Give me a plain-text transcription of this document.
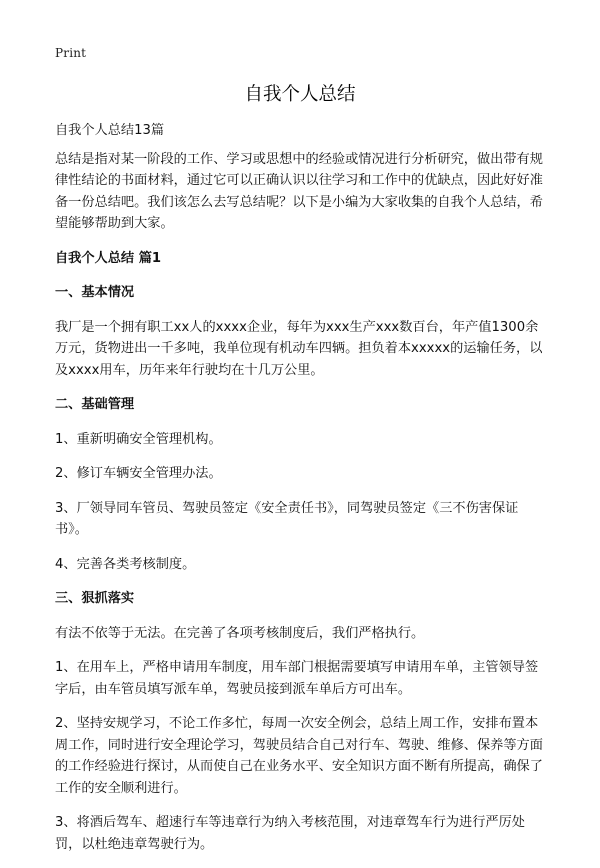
Print
自我个人总结

自我个人总结13篇

总结是指对某一阶段的工作、学习或思想中的经验或情况进行分析研究，做出带有规律性结论的书面材料，通过它可以正确认识以往学习和工作中的优缺点，因此好好准备一份总结吧。我们该怎么去写总结呢？以下是小编为大家收集的自我个人总结，希望能够帮助到大家。

自我个人总结 篇1

一、基本情况

我厂是一个拥有职工xx人的xxxx企业，每年为xxx生产xxx数百台，年产值1300余万元，货物进出一千多吨，我单位现有机动车四辆。担负着本xxxxx的运输任务，以及xxxx用车，历年来年行驶均在十几万公里。

二、基础管理

1、重新明确安全管理机构。

2、修订车辆安全管理办法。

3、厂领导同车管员、驾驶员签定《安全责任书》，同驾驶员签定《三不伤害保证书》。

4、完善各类考核制度。

三、狠抓落实

有法不依等于无法。在完善了各项考核制度后，我们严格执行。

1、在用车上，严格申请用车制度，用车部门根据需要填写申请用车单，主管领导签字后，由车管员填写派车单，驾驶员接到派车单后方可出车。

2、坚持安规学习，不论工作多忙，每周一次安全例会，总结上周工作，安排布置本周工作，同时进行安全理论学习，驾驶员结合自己对行车、驾驶、维修、保养等方面的工作经验进行探讨，从而使自己在业务水平、安全知识方面不断有所提高，确保了工作的安全顺利进行。

3、将酒后驾车、超速行车等违章行为纳入考核范围，对违章驾车行为进行严厉处罚，以杜绝违章驾驶行为。
